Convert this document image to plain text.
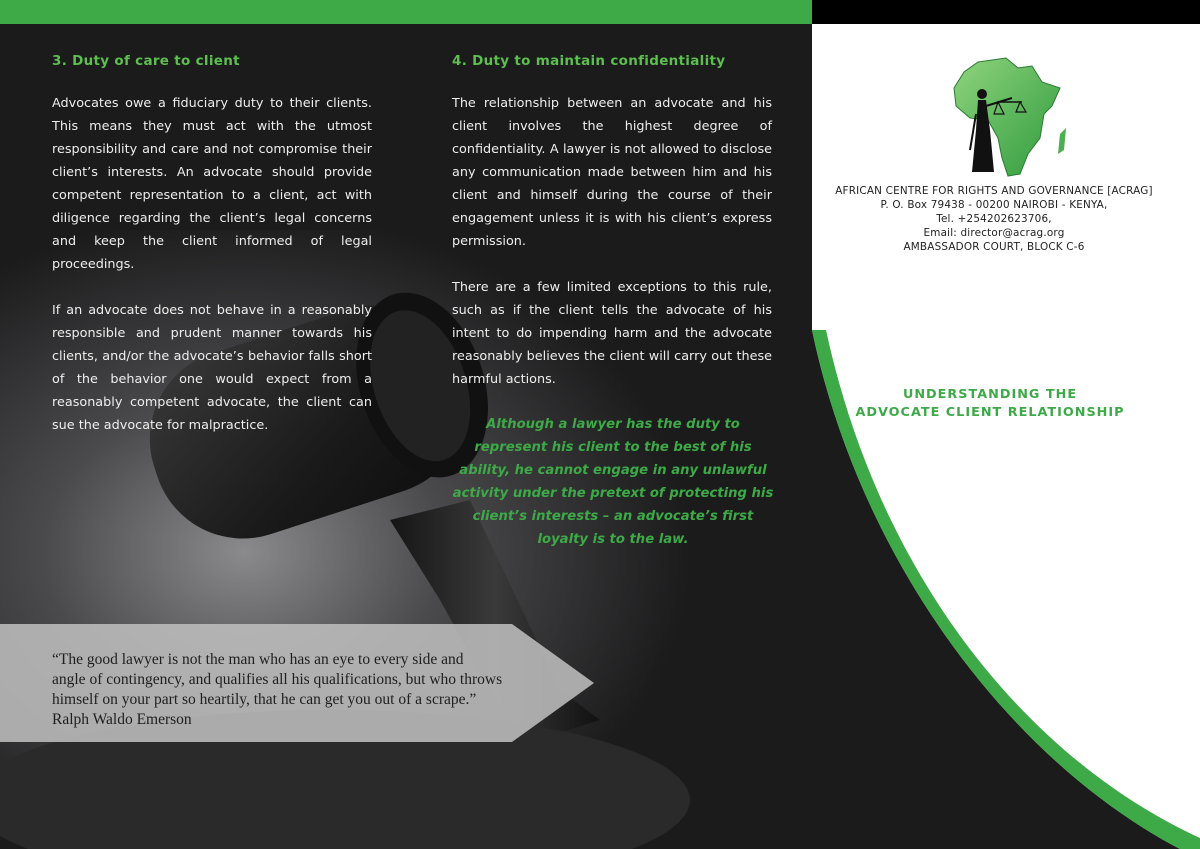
3. Duty of care to client

Advocates owe a fiduciary duty to their clients. This means they must act with the utmost responsibility and care and not compromise their client’s interests. An advocate should provide competent representation to a client, act with diligence regarding the client’s legal concerns and keep the client informed of legal proceedings.

If an advocate does not behave in a reasonably responsible and prudent manner towards his clients, and/or the advocate’s behavior falls short of the behavior one would expect from a reasonably competent advocate, the client can sue the advocate for malpractice.

4. Duty to maintain confidentiality

The relationship between an advocate and his client involves the highest degree of confidentiality. A lawyer is not allowed to disclose any communication made between him and his client and himself during the course of their engagement unless it is with his client’s express permission.

There are a few limited exceptions to this rule, such as if the client tells the advocate of his intent to do impending harm and the advocate reasonably believes the client will carry out these harmful actions.

Although a lawyer has the duty to represent his client to the best of his ability, he cannot engage in any unlawful activity under the pretext of protecting his client’s interests – an advocate’s first loyalty is to the law.
“The good lawyer is not the man who has an eye to every side and
angle of contingency, and qualifies all his qualifications, but who throws
himself on your part so heartily, that he can get you out of a scrape.”
Ralph Waldo Emerson
AFRICAN CENTRE FOR RIGHTS AND GOVERNANCE [ACRAG]
P. O. Box 79438 - 00200 NAIROBI - KENYA,
Tel. +254202623706,
Email: director@acrag.org
AMBASSADOR COURT, BLOCK C-6
UNDERSTANDING THE
ADVOCATE CLIENT RELATIONSHIP
